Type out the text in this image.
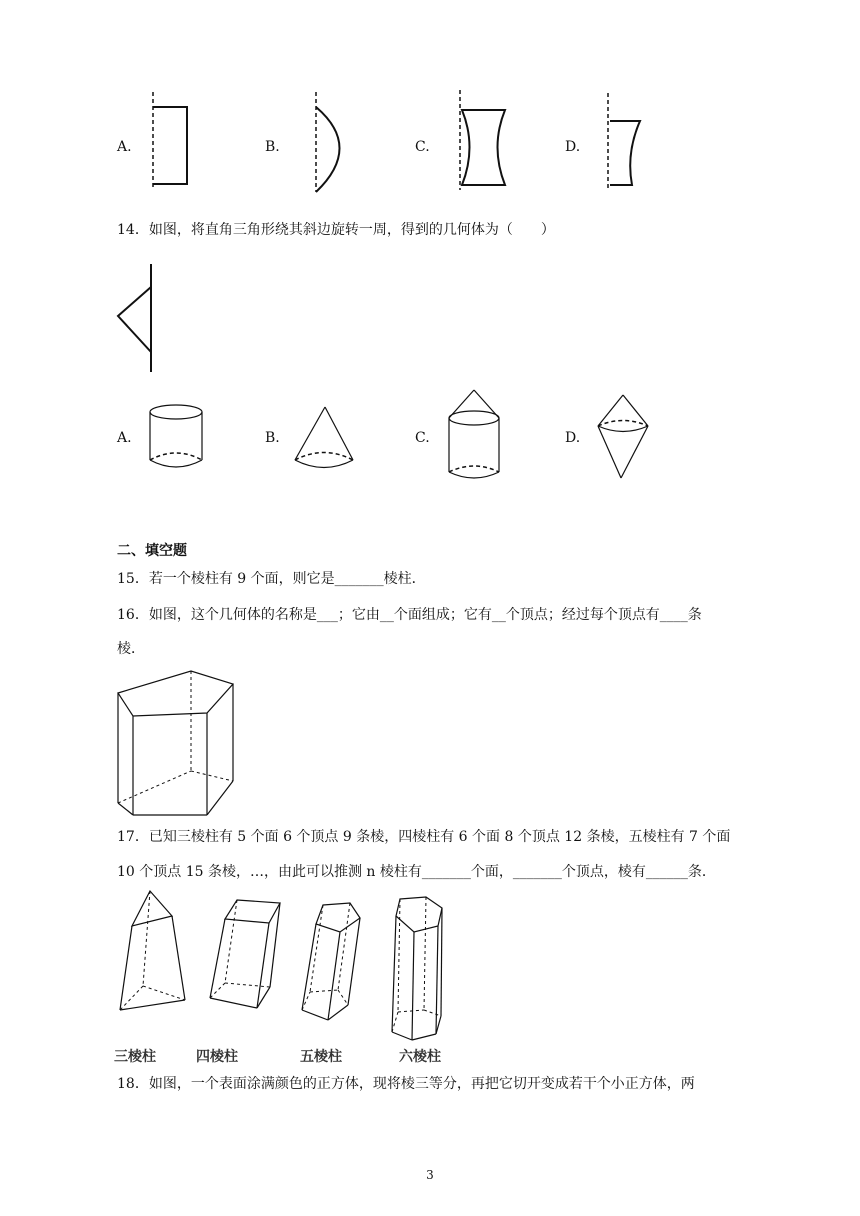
A.	B.	C.	D.
14．如图，将直角三角形绕其斜边旋转一周，得到的几何体为（　　）
A.	B.	C.	D.
二、填空题
15．若一个棱柱有 9 个面，则它是_______棱柱．
16．如图，这个几何体的名称是___；它由__个面组成；它有__个顶点；经过每个顶点有____条
棱．
17．已知三棱柱有 5 个面 6 个顶点 9 条棱，四棱柱有 6 个面 8 个顶点 12 条棱，五棱柱有 7 个面
10 个顶点 15 条棱，…，由此可以推测 n 棱柱有_______个面，_______个顶点，棱有______条．
三棱柱	四棱柱	五棱柱	六棱柱
18．如图，一个表面涂满颜色的正方体，现将棱三等分，再把它切开变成若干个小正方体，两
3
